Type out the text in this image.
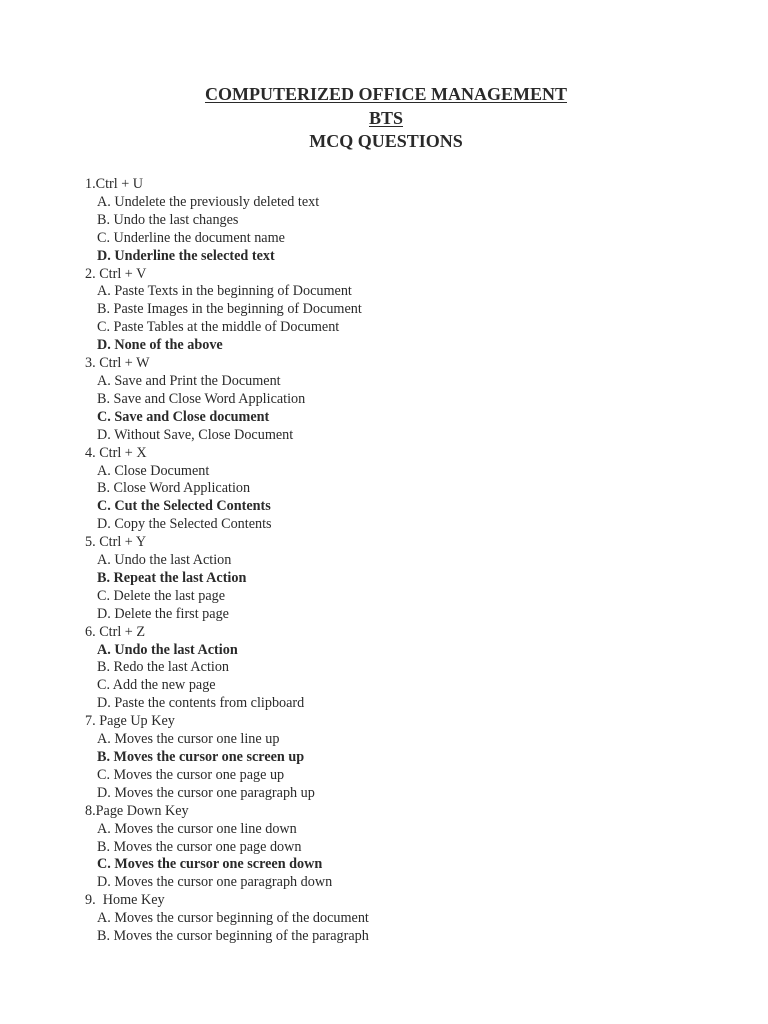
COMPUTERIZED OFFICE MANAGEMENT
BTS
MCQ QUESTIONS
1.Ctrl + U
A. Undelete the previously deleted text
B. Undo the last changes
C. Underline the document name
D. Underline the selected text
2. Ctrl + V
A. Paste Texts in the beginning of Document
B. Paste Images in the beginning of Document
C. Paste Tables at the middle of Document
D. None of the above
3. Ctrl + W
A. Save and Print the Document
B. Save and Close Word Application
C. Save and Close document
D. Without Save, Close Document
4. Ctrl + X
A. Close Document
B. Close Word Application
C. Cut the Selected Contents
D. Copy the Selected Contents
5. Ctrl + Y
A. Undo the last Action
B. Repeat the last Action
C. Delete the last page
D. Delete the first page
6. Ctrl + Z
A. Undo the last Action
B. Redo the last Action
C. Add the new page
D. Paste the contents from clipboard
7. Page Up Key
A. Moves the cursor one line up
B. Moves the cursor one screen up
C. Moves the cursor one page up
D. Moves the cursor one paragraph up
8.Page Down Key
A. Moves the cursor one line down
B. Moves the cursor one page down
C. Moves the cursor one screen down
D. Moves the cursor one paragraph down
9.  Home Key
A. Moves the cursor beginning of the document
B. Moves the cursor beginning of the paragraph
